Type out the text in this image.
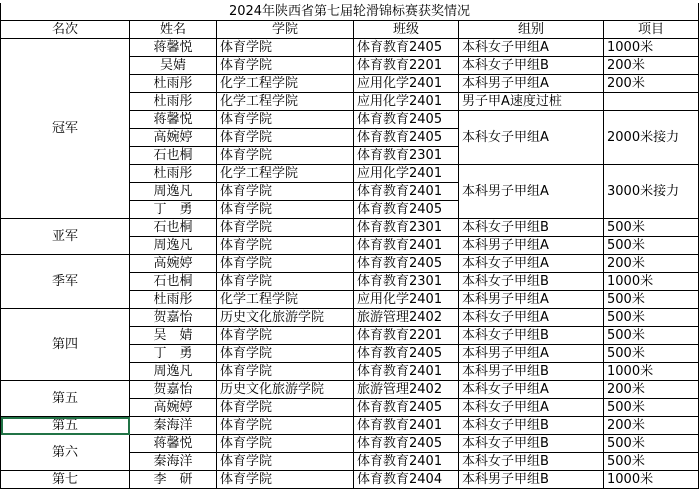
2024年陕西省第七届轮滑锦标赛获奖情况					
名次	姓名	学院	班级	组别	项目
冠军	蒋馨悦	体育学院	体育教育2405	本科女子甲组A	1000米
	吴婧	体育学院	体育教育2201	本科女子甲组B	200米
	杜雨彤	化学工程学院	应用化学2401	本科男子甲组A	200米
	杜雨彤	化学工程学院	应用化学2401	男子甲A速度过桩	
	蒋馨悦	体育学院	体育教育2405	本科女子甲组A	2000米接力
	高婉婷	体育学院	体育教育2405		
	石也桐	体育学院	体育教育2301		
	杜雨彤	化学工程学院	应用化学2401	本科男子甲组A	3000米接力
	周逸凡	体育学院	体育教育2401		
	丁　勇	体育学院	体育教育2405		
亚军	石也桐	体育学院	体育教育2301	本科女子甲组B	500米
	周逸凡	体育学院	体育教育2401	本科男子甲组A	500米
季军	高婉婷	体育学院	体育教育2405	本科女子甲组A	200米
	石也桐	体育学院	体育教育2301	本科女子甲组B	1000米
	杜雨彤	化学工程学院	应用化学2401	本科男子甲组A	500米
第四	贺嘉怡	历史文化旅游学院	旅游管理2402	本科女子甲组A	500米
	吴　婧	体育学院	体育教育2201	本科女子甲组B	500米
	丁　勇	体育学院	体育教育2405	本科男子甲组A	500米
	周逸凡	体育学院	体育教育2401	本科男子甲组B	1000米
第五	贺嘉怡	历史文化旅游学院	旅游管理2402	本科女子甲组A	200米
	高婉婷	体育学院	体育教育2405	本科女子甲组A	500米
第五	秦海洋	体育学院	体育教育2401	本科女子甲组B	200米
第六	蒋馨悦	体育学院	体育教育2405	本科女子甲组B	500米
	秦海洋	体育学院	体育教育2401	本科女子甲组B	500米
第七	李　研	体育学院	体育教育2404	本科男子甲组B	1000米
